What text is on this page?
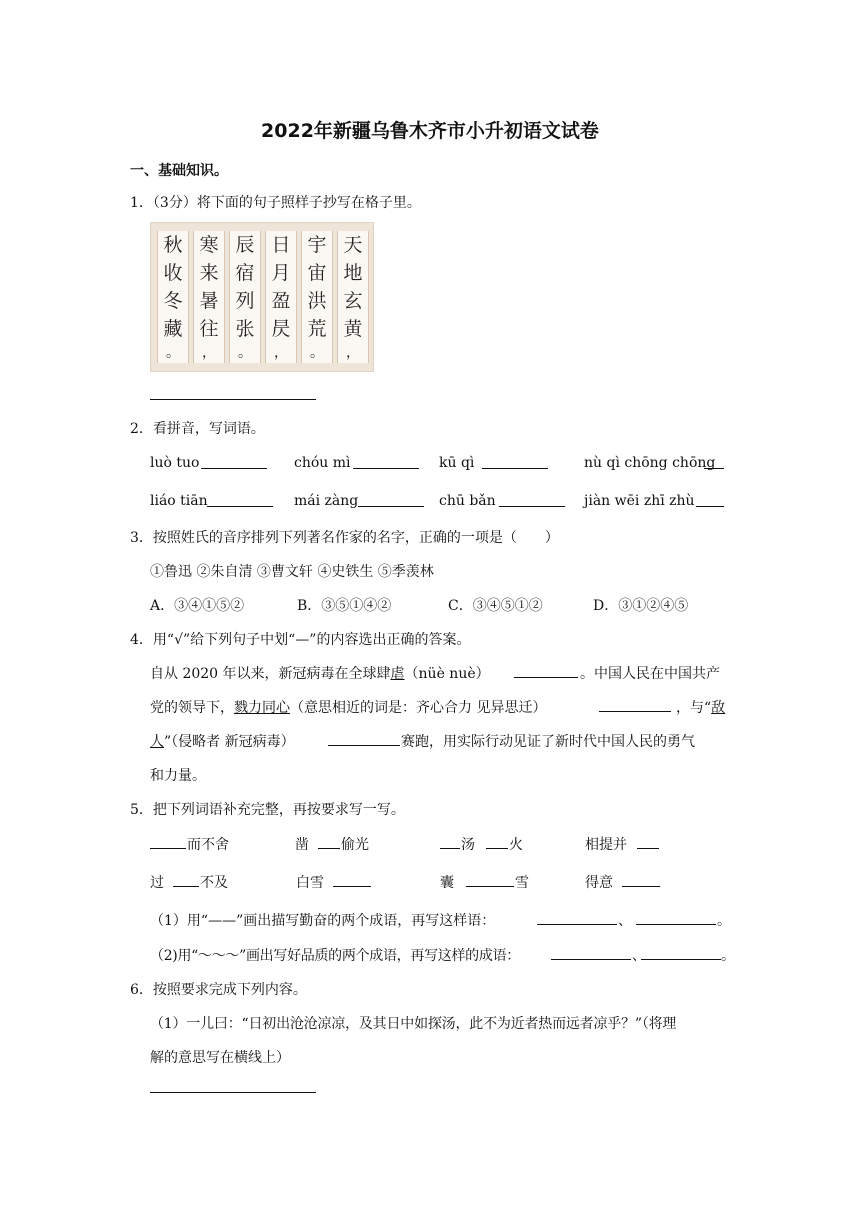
2022年新疆乌鲁木齐市小升初语文试卷
一、基础知识。
1．（3分）将下面的句子照样子抄写在格子里。
秋
收
冬
藏
。
寒
来
暑
往
，
辰
宿
列
张
。
日
月
盈
昃
，
宇
宙
洪
荒
。
天
地
玄
黄
，
2．看拼音，写词语。
luò tuo	chóu mì	kū qì	nù qì chōng chōng
liáo tiān	mái zàng	chū bǎn	jiàn wēi zhī zhù
3．按照姓氏的音序排列下列著名作家的名字，正确的一项是（　　）
①鲁迅 ②朱自清 ③曹文轩 ④史铁生 ⑤季羡林
A．③④①⑤②	B．③⑤①④②	C．③④⑤①②	D．③①②④⑤
4．用“√”给下列句子中划“—”的内容选出正确的答案。
自从 2020 年以来，新冠病毒在全球肆虐（nüè nuè）	。中国人民在中国共产
党的领导下，戮力同心（意思相近的词是：齐心合力 见异思迁）	，与“敌
人”（侵略者 新冠病毒）	赛跑，用实际行动见证了新时代中国人民的勇气
和力量。
5．把下列词语补充完整，再按要求写一写。
而不舍	凿 偷光	汤 火	相提并
过	不及	白雪	囊	雪	得意
（1）用“——”画出描写勤奋的两个成语，再写这样语：	、	。
（2)用“～～～”画出写好品质的两个成语，再写这样的成语：	、	。
6．按照要求完成下列内容。
（1）一儿曰：“日初出沧沧凉凉，及其日中如探汤，此不为近者热而远者凉乎？”（将理
解的意思写在横线上）
